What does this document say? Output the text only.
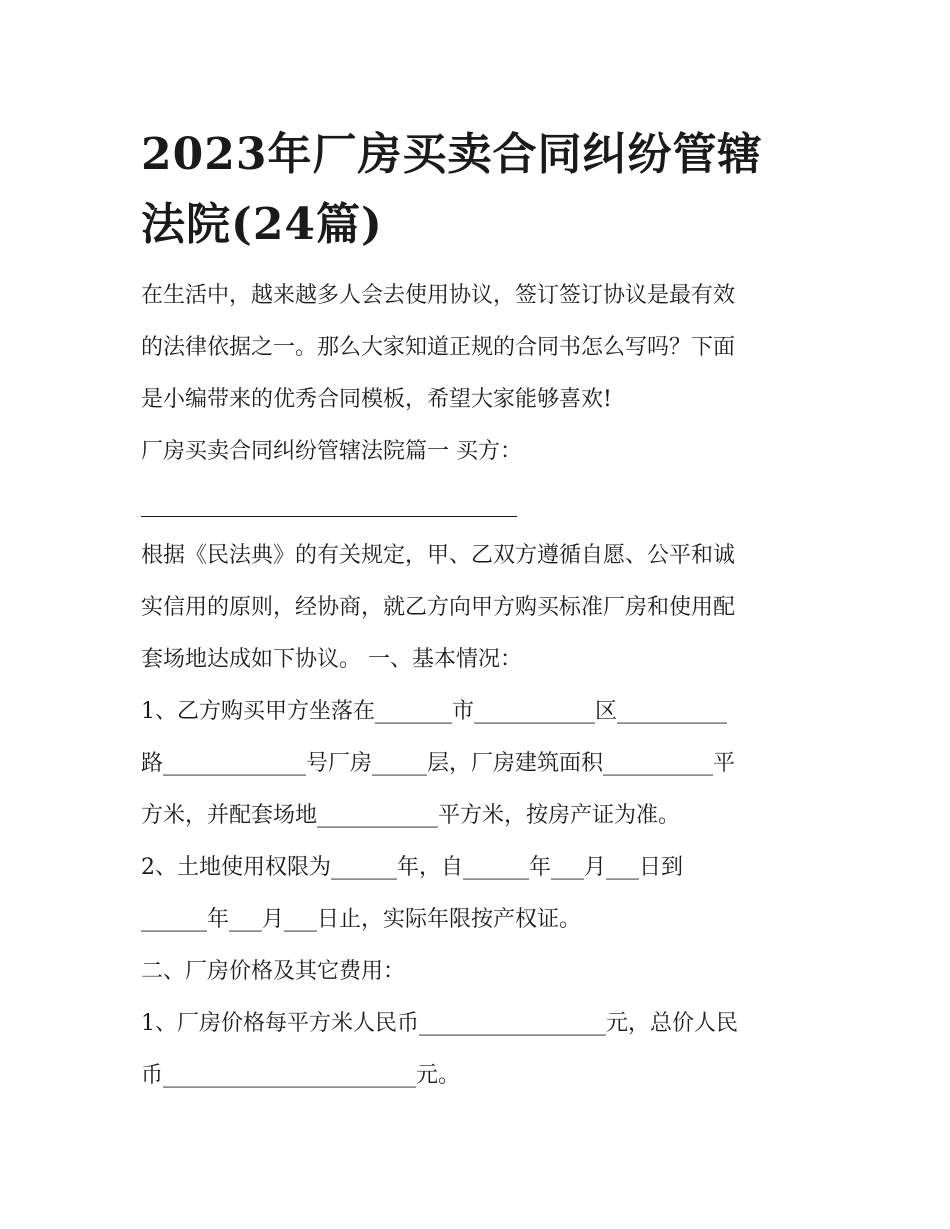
2023年厂房买卖合同纠纷管辖
法院(24篇)
在生活中，越来越多人会去使用协议，签订签订协议是最有效
的法律依据之一。那么大家知道正规的合同书怎么写吗？下面
是小编带来的优秀合同模板，希望大家能够喜欢!
厂房买卖合同纠纷管辖法院篇一 买方：
根据《民法典》的有关规定，甲、乙双方遵循自愿、公平和诚
实信用的原则，经协商，就乙方向甲方购买标准厂房和使用配
套场地达成如下协议。 一、基本情况：
1、乙方购买甲方坐落在_______市___________区__________
路_____________号厂房_____层，厂房建筑面积__________平
方米，并配套场地___________平方米，按房产证为准。
2、土地使用权限为______年，自______年___月___日到
______年___月___日止，实际年限按产权证。
二、厂房价格及其它费用：
1、厂房价格每平方米人民币_________________元，总价人民
币_______________________元。
